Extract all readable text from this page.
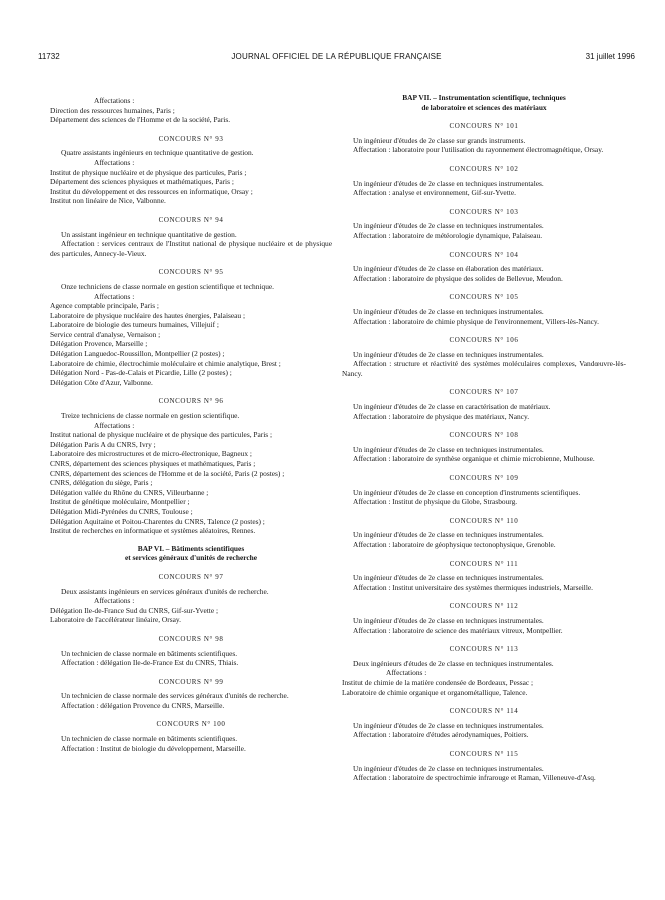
11732	JOURNAL OFFICIEL DE LA RÉPUBLIQUE FRANÇAISE	31 juillet 1996

Affectations :

Direction des ressources humaines, Paris ;

Département des sciences de l'Homme et de la société, Paris.

CONCOURS N° 93

Quatre assistants ingénieurs en technique quantitative de gestion.

Affectations :

Institut de physique nucléaire et de physique des particules, Paris ;

Département des sciences physiques et mathématiques, Paris ;

Institut du développement et des ressources en informatique, Orsay ;

Institut non linéaire de Nice, Valbonne.

CONCOURS N° 94

Un assistant ingénieur en technique quantitative de gestion.

Affectation : services centraux de l'Institut national de physique nucléaire et de physique des particules, Annecy-le-Vieux.

CONCOURS N° 95

Onze techniciens de classe normale en gestion scientifique et technique.

Affectations :

Agence comptable principale, Paris ;

Laboratoire de physique nucléaire des hautes énergies, Palaiseau ;

Laboratoire de biologie des tumeurs humaines, Villejuif ;

Service central d'analyse, Vernaison ;

Délégation Provence, Marseille ;

Délégation Languedoc-Roussillon, Montpellier (2 postes) ;

Laboratoire de chimie, électrochimie moléculaire et chimie analytique, Brest ;

Délégation Nord - Pas-de-Calais et Picardie, Lille (2 postes) ;

Délégation Côte d'Azur, Valbonne.

CONCOURS N° 96

Treize techniciens de classe normale en gestion scientifique.

Affectations :

Institut national de physique nucléaire et de physique des particules, Paris ;

Délégation Paris A du CNRS, Ivry ;

Laboratoire des microstructures et de micro-électronique, Bagneux ;

CNRS, département des sciences physiques et mathématiques, Paris ;

CNRS, département des sciences de l'Homme et de la société, Paris (2 postes) ;

CNRS, délégation du siège, Paris ;

Délégation vallée du Rhône du CNRS, Villeurbanne ;

Institut de génétique moléculaire, Montpellier ;

Délégation Midi-Pyrénées du CNRS, Toulouse ;

Délégation Aquitaine et Poitou-Charentes du CNRS, Talence (2 postes) ;

Institut de recherches en informatique et systèmes aléatoires, Rennes.

BAP VI. – Bâtiments scientifiques
et services généraux d'unités de recherche

CONCOURS N° 97

Deux assistants ingénieurs en services généraux d'unités de recherche.

Affectations :

Délégation Ile-de-France Sud du CNRS, Gif-sur-Yvette ;

Laboratoire de l'accélérateur linéaire, Orsay.

CONCOURS N° 98

Un technicien de classe normale en bâtiments scientifiques.

Affectation : délégation Ile-de-France Est du CNRS, Thiais.

CONCOURS N° 99

Un technicien de classe normale des services généraux d'unités de recherche.

Affectation : délégation Provence du CNRS, Marseille.

CONCOURS N° 100

Un technicien de classe normale en bâtiments scientifiques.

Affectation : Institut de biologie du développement, Marseille.

BAP VII. – Instrumentation scientifique, techniques
de laboratoire et sciences des matériaux

CONCOURS N° 101

Un ingénieur d'études de 2e classe sur grands instruments.

Affectation : laboratoire pour l'utilisation du rayonnement électromagnétique, Orsay.

CONCOURS N° 102

Un ingénieur d'études de 2e classe en techniques instrumentales.

Affectation : analyse et environnement, Gif-sur-Yvette.

CONCOURS N° 103

Un ingénieur d'études de 2e classe en techniques instrumentales.

Affectation : laboratoire de météorologie dynamique, Palaiseau.

CONCOURS N° 104

Un ingénieur d'études de 2e classe en élaboration des matériaux.

Affectation : laboratoire de physique des solides de Bellevue, Meudon.

CONCOURS N° 105

Un ingénieur d'études de 2e classe en techniques instrumentales.

Affectation : laboratoire de chimie physique de l'environnement, Villers-lès-Nancy.

CONCOURS N° 106

Un ingénieur d'études de 2e classe en techniques instrumentales.

Affectation : structure et réactivité des systèmes moléculaires complexes, Vandœuvre-lès-Nancy.

CONCOURS N° 107

Un ingénieur d'études de 2e classe en caractérisation de matériaux.

Affectation : laboratoire de physique des matériaux, Nancy.

CONCOURS N° 108

Un ingénieur d'études de 2e classe en techniques instrumentales.

Affectation : laboratoire de synthèse organique et chimie microbienne, Mulhouse.

CONCOURS N° 109

Un ingénieur d'études de 2e classe en conception d'instruments scientifiques.

Affectation : Institut de physique du Globe, Strasbourg.

CONCOURS N° 110

Un ingénieur d'études de 2e classe en techniques instrumentales.

Affectation : laboratoire de géophysique tectonophysique, Grenoble.

CONCOURS N° 111

Un ingénieur d'études de 2e classe en techniques instrumentales.

Affectation : Institut universitaire des systèmes thermiques industriels, Marseille.

CONCOURS N° 112

Un ingénieur d'études de 2e classe en techniques instrumentales.

Affectation : laboratoire de science des matériaux vitreux, Montpellier.

CONCOURS N° 113

Deux ingénieurs d'études de 2e classe en techniques instrumentales.

Affectations :

Institut de chimie de la matière condensée de Bordeaux, Pessac ;

Laboratoire de chimie organique et organométallique, Talence.

CONCOURS N° 114

Un ingénieur d'études de 2e classe en techniques instrumentales.

Affectation : laboratoire d'études aérodynamiques, Poitiers.

CONCOURS N° 115

Un ingénieur d'études de 2e classe en techniques instrumentales.

Affectation : laboratoire de spectrochimie infrarouge et Raman, Villeneuve-d'Asq.
